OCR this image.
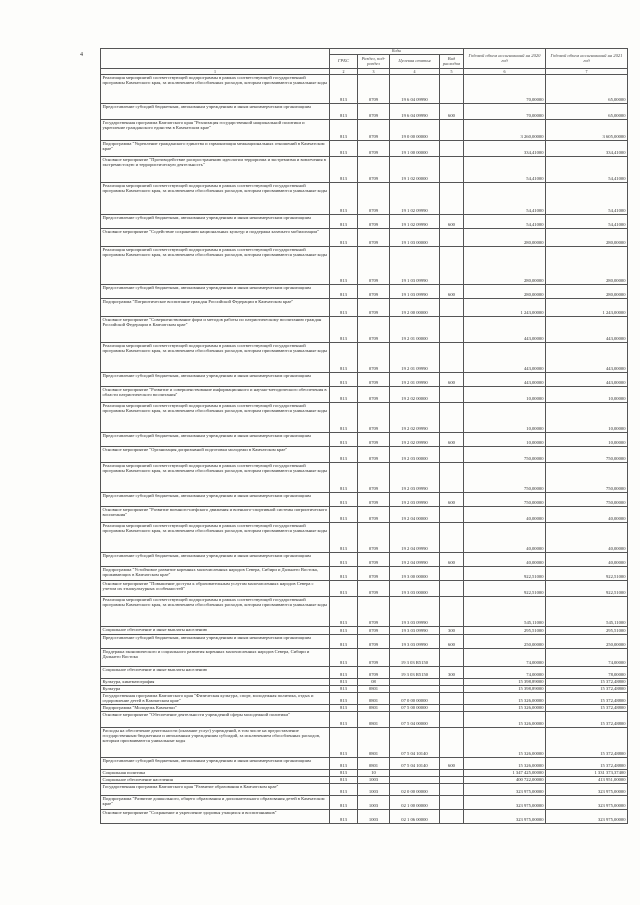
4
	Коды				Годовой объем ассигнований на 2020 год	Годовой объем ассигнований на 2021 год
	ГРБС	Раздел, под-раздел	Целевая статья	Вид расходов		
1	2	3	4	5	6	7
Реализация мероприятий соответствующей подпрограммы в рамках соответствующей государственной программы Камчатского края, за исключением обособленных расходов, которым присваиваются уникальные коды	813	0709	19 6 04 09990		70,00000	65,00000
Предоставление субсидий бюджетным, автономным учреждениям и иным некоммерческим организациям	813	0709	19 6 04 09990	600	70,00000	65,00000
Государственная программа Камчатского края "Реализация государственной национальной политики и укрепление гражданского единства в Камчатском крае"	813	0709	19 0 00 00000		3 260,00000	3 605,00000
Подпрограмма "Укрепление гражданского единства и гармонизация межнациональных отношений в Камчатском крае"	813	0709	19 1 00 00000		334,41000	334,41000
Основное мероприятие "Противодействие распространению идеологии терроризма и экстремизма и вовлечения в экстремистскую и террористическую деятельность"	813	0709	19 1 02 00000		54,41000	54,41000
Реализация мероприятий соответствующей подпрограммы в рамках соответствующей государственной программы Камчатского края, за исключением обособленных расходов, которым присваиваются уникальные коды	813	0709	19 1 02 09990		54,41000	54,41000
Предоставление субсидий бюджетным, автономным учреждениям и иным некоммерческим организациям	813	0709	19 1 02 09990	600	54,41000	54,41000
Основное мероприятие "Содействие сохранению национальных культур и поддержка казачьего мобилизации"	813	0709	19 1 03 00000		280,00000	280,00000
Реализация мероприятий соответствующей подпрограммы в рамках соответствующей государственной программы Камчатского края, за исключением обособленных расходов, которым присваиваются уникальные коды	813	0709	19 1 03 09990		280,00000	280,00000
Предоставление субсидий бюджетным, автономным учреждениям и иным некоммерческим организациям	813	0709	19 1 03 09990	600	280,00000	280,00000
Подпрограмма "Патриотическое воспитание граждан Российской Федерации в Камчатском крае"	813	0709	19 2 00 00000		1 243,00000	1 243,00000
Основное мероприятие "Совершенствование форм и методов работы по патриотическому воспитанию граждан Российской Федерации в Камчатском крае"	813	0709	19 2 01 00000		443,00000	443,00000
Реализация мероприятий соответствующей подпрограммы в рамках соответствующей государственной программы Камчатского края, за исключением обособленных расходов, которым присваиваются уникальные коды	813	0709	19 2 01 09990		443,00000	443,00000
Предоставление субсидий бюджетным, автономным учреждениям и иным некоммерческим организациям	813	0709	19 2 01 09990	600	443,00000	443,00000
Основное мероприятие "Развитие и совершенствование информационного и научно-методического обеспечения в области патриотического воспитания"	813	0709	19 2 02 00000		10,00000	10,00000
Реализация мероприятий соответствующей подпрограммы в рамках соответствующей государственной программы Камчатского края, за исключением обособленных расходов, которым присваиваются уникальные коды	813	0709	19 2 02 09990		10,00000	10,00000
Предоставление субсидий бюджетным, автономным учреждениям и иным некоммерческим организациям	813	0709	19 2 02 09990	600	10,00000	10,00000
Основное мероприятие "Организация допризывной подготовки молодежи в Камчатском крае"	813	0709	19 2 03 00000		750,00000	750,00000
Реализация мероприятий соответствующей подпрограммы в рамках соответствующей государственной программы Камчатского края, за исключением обособленных расходов, которым присваиваются уникальные коды	813	0709	19 2 03 09990		750,00000	750,00000
Предоставление субсидий бюджетным, автономным учреждениям и иным некоммерческим организациям	813	0709	19 2 03 09990	600	750,00000	750,00000
Основное мероприятие "Развитие военного-шефского движения и военного-спортивной системы патриотического воспитания"	813	0709	19 2 04 00000		40,00000	40,00000
Реализация мероприятий соответствующей подпрограммы в рамках соответствующей государственной программы Камчатского края, за исключением обособленных расходов, которым присваиваются уникальные коды	813	0709	19 2 04 09990		40,00000	40,00000
Предоставление субсидий бюджетным, автономным учреждениям и иным некоммерческим организациям	813	0709	19 2 04 09990	600	40,00000	40,00000
Подпрограмма "Устойчивое развитие коренных малочисленных народов Севера, Сибири и Дальнего Востока, проживающих в Камчатском крае"	813	0709	19 3 00 00000		922,51000	922,51000
Основное мероприятие "Повышение доступа к образовательным услугам малочисленных народов Севера с учетом их этнокультурных особенностей"	813	0709	19 3 03 00000		922,51000	922,51000
Реализация мероприятий соответствующей подпрограммы в рамках соответствующей государственной программы Камчатского края, за исключением обособленных расходов, которым присваиваются уникальные коды	813	0709	19 3 03 09990		545,11000	545,11000
Социальное обеспечение и иные выплаты населению	813	0709	19 3 03 09990	300	295,51000	295,51000
Предоставление субсидий бюджетным, автономным учреждениям и иным некоммерческим организациям	813	0709	19 3 03 09990	600	250,00000	250,00000
Поддержка экономического и социального развития коренных малочисленных народов Севера, Сибири и Дальнего Востока	813	0709	19 3 03 R5150		74,00000	74,00000
Социальное обеспечение и иные выплаты населению	813	0709	19 3 03 R5150	300	74,00000	78,00000
Культура, кинематография	813	08			15 398,89000	15 372,48800
Культура	813	0801			15 398,89000	15 372,48800
Государственная программа Камчатского края "Физическая культура, спорт, молодежная политика, отдых и оздоровление детей в Камчатском крае"	813	0801	07 0 00 00000		15 326,00000	15 372,48800
Подпрограмма "Молодежь Камчатки"	813	0801	07 5 00 00000		15 326,00000	15 372,48800
Основное мероприятие "Обеспечение деятельности учреждений сферы молодежной политики"	813	0801	07 5 04 00000		15 326,00000	15 372,48800
Расходы на обеспечение деятельности (оказание услуг) учреждений, в том числе на предоставление государственным бюджетным и автономным учреждениям субсидий, за исключением обособленных расходов, которым присваиваются уникальные коды	813	0801	07 5 04 10140		15 326,00000	15 372,48800
Предоставление субсидий бюджетным, автономным учреждениям и иным некоммерческим организациям	813	0801	07 5 04 10140	600	15 326,00000	15 372,48800
Социальная политика	813	10			1 347 425,00000	1 331 373,37400
Социальное обеспечение населения	813	1003			400 722,00000	413 951,00000
Государственная программа Камчатского края "Развитие образования в Камчатском крае"	813	1003	02 0 00 00000		323 975,00000	323 975,00000
Подпрограмма "Развитие дошкольного, общего образования и дополнительного образования детей в Камчатском крае"	813	1003	02 1 00 00000		323 975,00000	323 975,00000
Основное мероприятие "Сохранение и укрепление здоровья учащихся и воспитанников"	813	1003	02 1 06 00000		323 975,00000	323 975,00000
